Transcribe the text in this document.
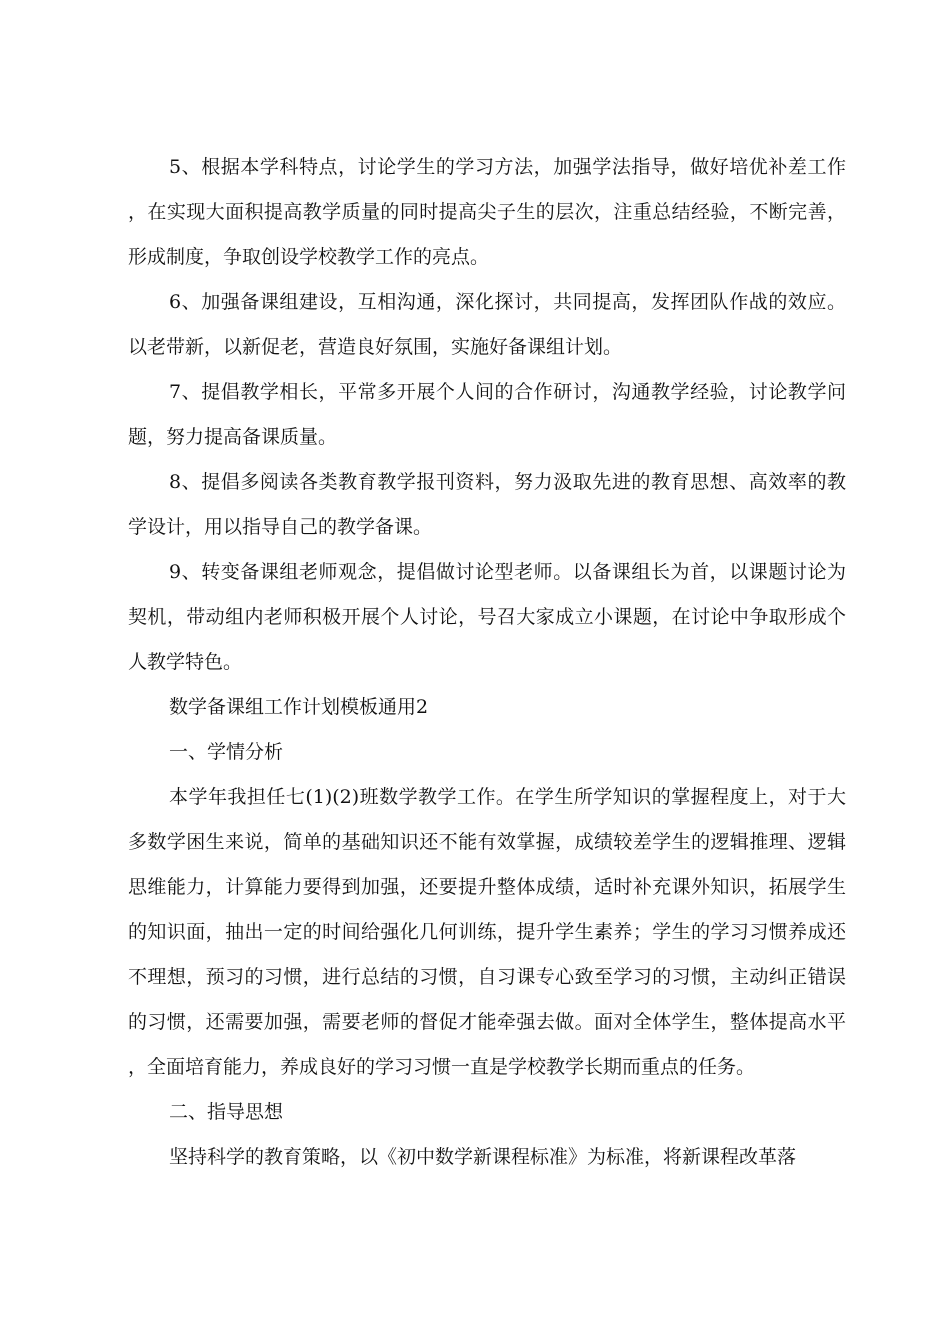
5、根据本学科特点，讨论学生的学习方法，加强学法指导，做好培优补差工作，在实现大面积提高教学质量的同时提高尖子生的层次，注重总结经验，不断完善，形成制度，争取创设学校教学工作的亮点。

6、加强备课组建设，互相沟通，深化探讨，共同提高，发挥团队作战的效应。以老带新，以新促老，营造良好氛围，实施好备课组计划。

7、提倡教学相长，平常多开展个人间的合作研讨，沟通教学经验，讨论教学问题，努力提高备课质量。

8、提倡多阅读各类教育教学报刊资料，努力汲取先进的教育思想、高效率的教学设计，用以指导自己的教学备课。

9、转变备课组老师观念，提倡做讨论型老师。以备课组长为首，以课题讨论为契机，带动组内老师积极开展个人讨论，号召大家成立小课题，在讨论中争取形成个人教学特色。

数学备课组工作计划模板通用2

一、学情分析

本学年我担任七(1)(2)班数学教学工作。在学生所学知识的掌握程度上，对于大多数学困生来说，简单的基础知识还不能有效掌握，成绩较差学生的逻辑推理、逻辑思维能力，计算能力要得到加强，还要提升整体成绩，适时补充课外知识，拓展学生的知识面，抽出一定的时间给强化几何训练，提升学生素养；学生的学习习惯养成还不理想，预习的习惯，进行总结的习惯，自习课专心致至学习的习惯，主动纠正错误的习惯，还需要加强，需要老师的督促才能牵强去做。面对全体学生，整体提高水平，全面培育能力，养成良好的学习习惯一直是学校教学长期而重点的任务。

二、指导思想

坚持科学的教育策略，以《初中数学新课程标准》为标准，将新课程改革落
